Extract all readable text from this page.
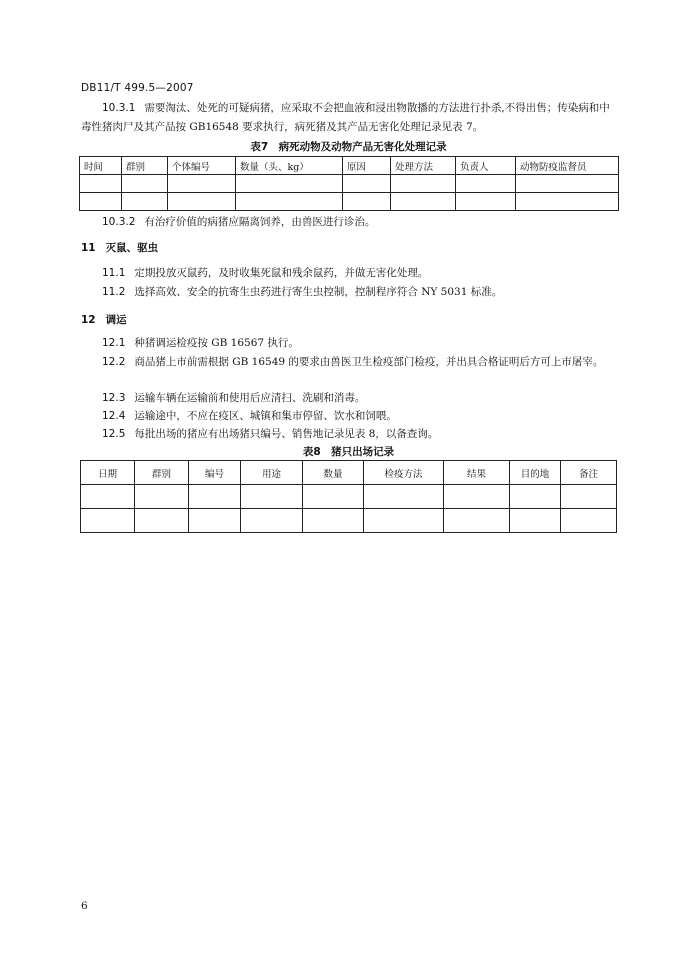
DB11/T 499.5—2007
10.3.1 需要淘汰、处死的可疑病猪，应采取不会把血液和浸出物散播的方法进行扑杀,不得出售；传染病和中毒性猪肉尸及其产品按 GB16548 要求执行，病死猪及其产品无害化处理记录见表 7。
表7　病死动物及动物产品无害化处理记录
时间	群别	个体编号	数量（头、kg）	原因	处理方法	负责人	动物防疫监督员

10.3.2 有治疗价值的病猪应隔离饲养，由兽医进行诊治。
11 灭鼠、驱虫
11.1 定期投放灭鼠药，及时收集死鼠和残余鼠药，并做无害化处理。
11.2 选择高效、安全的抗寄生虫药进行寄生虫控制，控制程序符合 NY 5031 标准。
12 调运
12.1 种猪调运检疫按 GB 16567 执行。
12.2 商品猪上市前需根据 GB 16549 的要求由兽医卫生检疫部门检疫，并出具合格证明后方可上市屠宰。
12.3 运输车辆在运输前和使用后应清扫、洗刷和消毒。
12.4 运输途中，不应在疫区、城镇和集市停留、饮水和饲喂。
12.5 每批出场的猪应有出场猪只编号、销售地记录见表 8，以备查询。
表8　猪只出场记录
日期	群别	编号	用途	数量	检疫方法	结果	目的地	备注

6
